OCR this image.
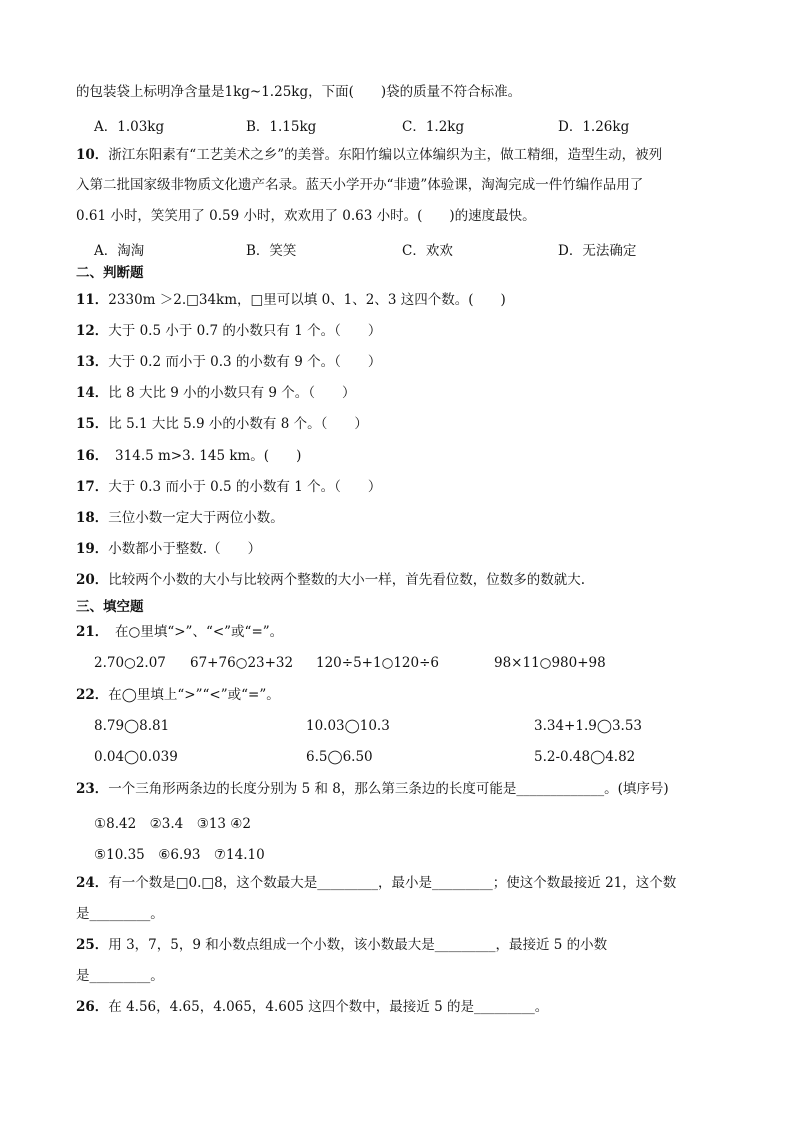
的包装袋上标明净含量是1kg~1.25kg，下面(　　)袋的质量不符合标准。
A．1.03kg	B．1.15kg	C．1.2kg	D．1.26kg
10．浙江东阳素有“工艺美术之乡”的美誉。东阳竹编以立体编织为主，做工精细，造型生动，被列
入第二批国家级非物质文化遗产名录。蓝天小学开办“非遗”体验课，淘淘完成一件竹编作品用了
0.61 小时，笑笑用了 0.59 小时，欢欢用了 0.63 小时。(　　)的速度最快。
A．淘淘	B．笑笑	C．欢欢	D．无法确定
二、判断题
11．2330m ＞2.□34km，□里可以填 0、1、2、3 这四个数。(　　)
12．大于 0.5 小于 0.7 的小数只有 1 个。（　　）
13．大于 0.2 而小于 0.3 的小数有 9 个。（　　）
14．比 8 大比 9 小的小数只有 9 个。（　　）
15．比 5.1 大比 5.9 小的小数有 8 个。（　　）
16．　314.5 m>3. 145 km。(　　)
17．大于 0.3 而小于 0.5 的小数有 1 个。（　　）
18．三位小数一定大于两位小数。
19．小数都小于整数.（　　）
20．比较两个小数的大小与比较两个整数的大小一样，首先看位数，位数多的数就大.
三、填空题
21．　在○里填“>”、“<”或“=”。
2.70○2.07 67+76○23+32 120÷5+1○120÷6	98×11○980+98
22．在◯里填上“>”“<”或“=”。
8.79◯8.81	10.03◯10.3	3.34+1.9◯3.53
0.04◯0.039	6.5◯6.50	5.2-0.48◯4.82
23．一个三角形两条边的长度分别为 5 和 8，那么第三条边的长度可能是_____________。(填序号)
①8.42　②3.4　③13 ④2
⑤10.35　⑥6.93　⑦14.10
24．有一个数是□0.□8，这个数最大是_________，最小是_________；使这个数最接近 21，这个数
是_________。
25．用 3，7，5，9 和小数点组成一个小数，该小数最大是_________，最接近 5 的小数
是_________。
26．在 4.56，4.65，4.065，4.605 这四个数中，最接近 5 的是_________。
